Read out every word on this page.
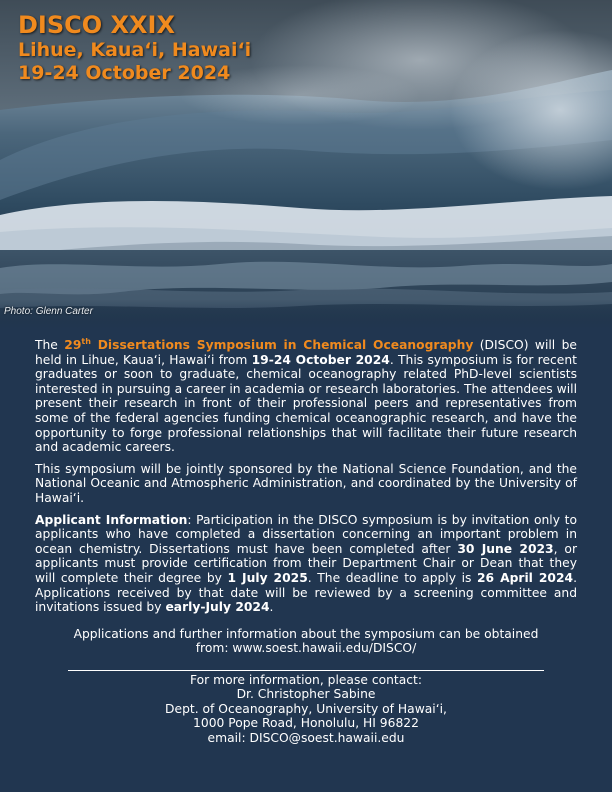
DISCO XXIX
Lihue, Kaua‘i, Hawai‘i
19-24 October 2024
Photo: Glenn Carter

The 29th Dissertations Symposium in Chemical Oceanography (DISCO) will be held in Lihue, Kaua‘i, Hawai‘i from 19-24 October 2024. This symposium is for recent graduates or soon to graduate, chemical oceanography related PhD-level scientists interested in pursuing a career in academia or research laboratories. The attendees will present their research in front of their professional peers and representatives from some of the federal agencies funding chemical oceanographic research, and have the opportunity to forge professional relationships that will facilitate their future research and academic careers.

This symposium will be jointly sponsored by the National Science Foundation, and the National Oceanic and Atmospheric Administration, and coordinated by the University of Hawai‘i.

Applicant Information: Participation in the DISCO symposium is by invitation only to applicants who have completed a dissertation concerning an important problem in ocean chemistry. Dissertations must have been completed after 30 June 2023, or applicants must provide certification from their Department Chair or Dean that they will complete their degree by 1 July 2025. The deadline to apply is 26 April 2024. Applications received by that date will be reviewed by a screening committee and invitations issued by early-July 2024.

Applications and further information about the symposium can be obtained

from: www.soest.hawaii.edu/DISCO/

For more information, please contact:

Dr. Christopher Sabine

Dept. of Oceanography, University of Hawai‘i,

1000 Pope Road, Honolulu, HI 96822

email: DISCO@soest.hawaii.edu
